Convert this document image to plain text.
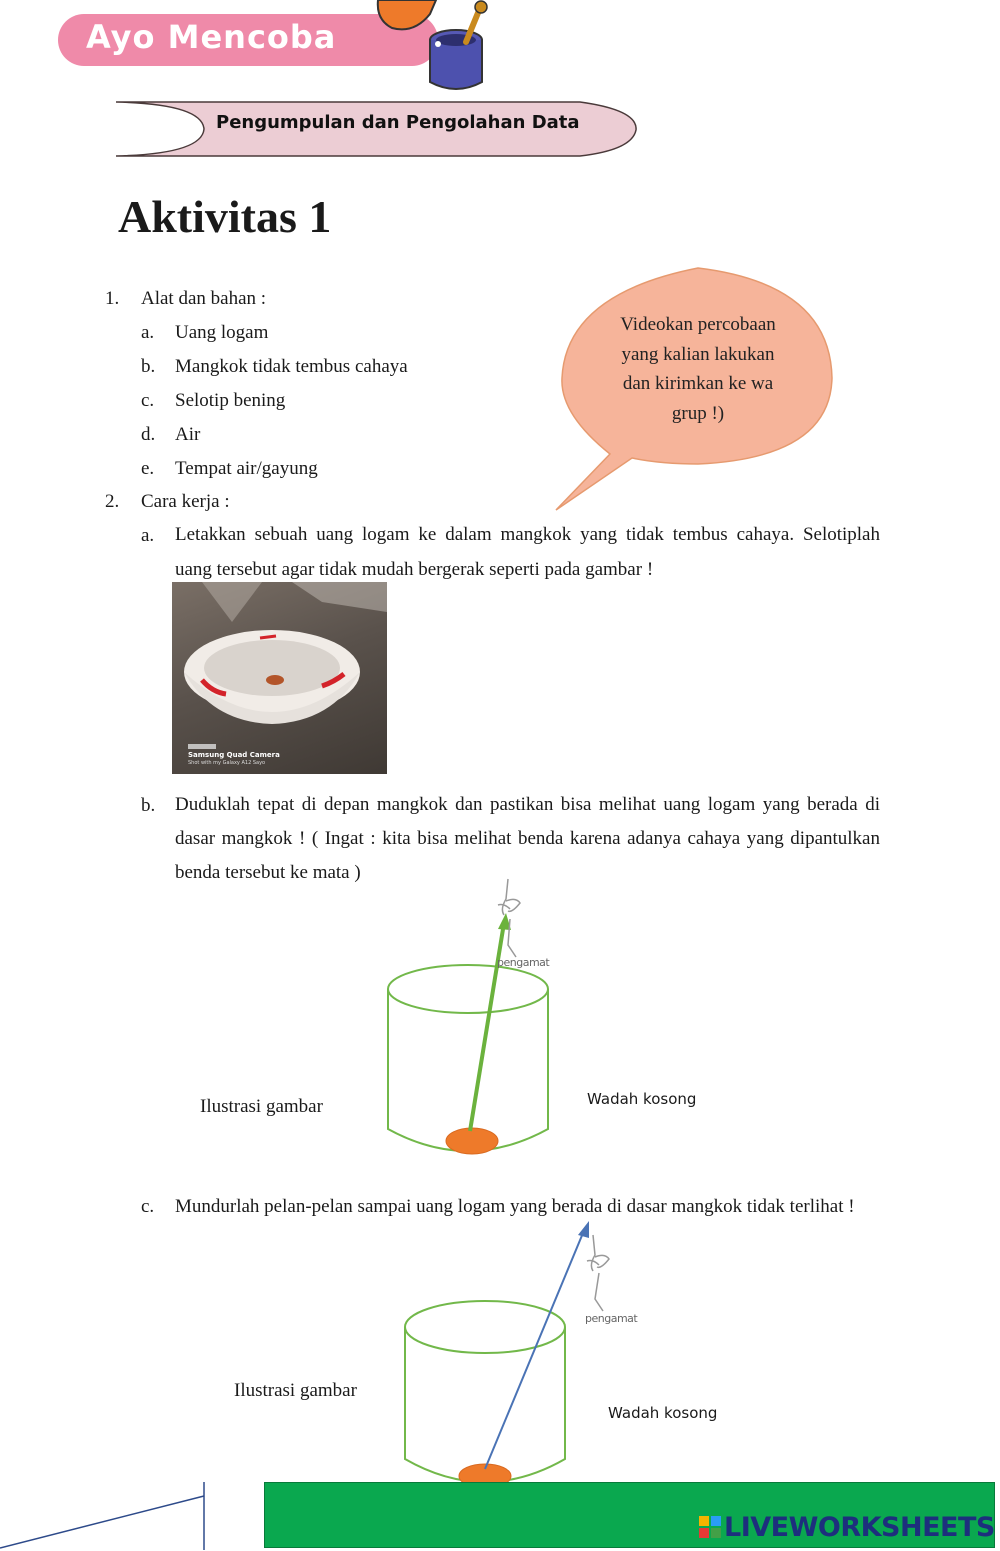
Ayo Mencoba
Pengumpulan dan Pengolahan Data
Aktivitas 1
1. Alat dan bahan :
a. Uang logam
b. Mangkok tidak tembus cahaya
c. Selotip bening
d. Air
e. Tempat air/gayung
Videokan percobaan
yang kalian lakukan
dan kirimkan ke wa
grup !)
2. Cara kerja :
a. Letakkan sebuah uang logam ke dalam mangkok yang tidak tembus cahaya. Selotiplah
uang tersebut agar tidak mudah bergerak seperti pada gambar !
Samsung Quad Camera
Shot with my Galaxy A12 Sayo
b. Duduklah tepat di depan mangkok dan pastikan bisa melihat uang logam yang berada di
dasar mangkok ! ( Ingat : kita bisa melihat benda karena adanya cahaya yang dipantulkan
benda tersebut ke mata )
pengamat
Ilustrasi gambar	Wadah kosong
c. Mundurlah pelan-pelan sampai uang logam yang berada di dasar mangkok tidak terlihat !
pengamat
Ilustrasi gambar
Wadah kosong
LIVEWORKSHEETS
